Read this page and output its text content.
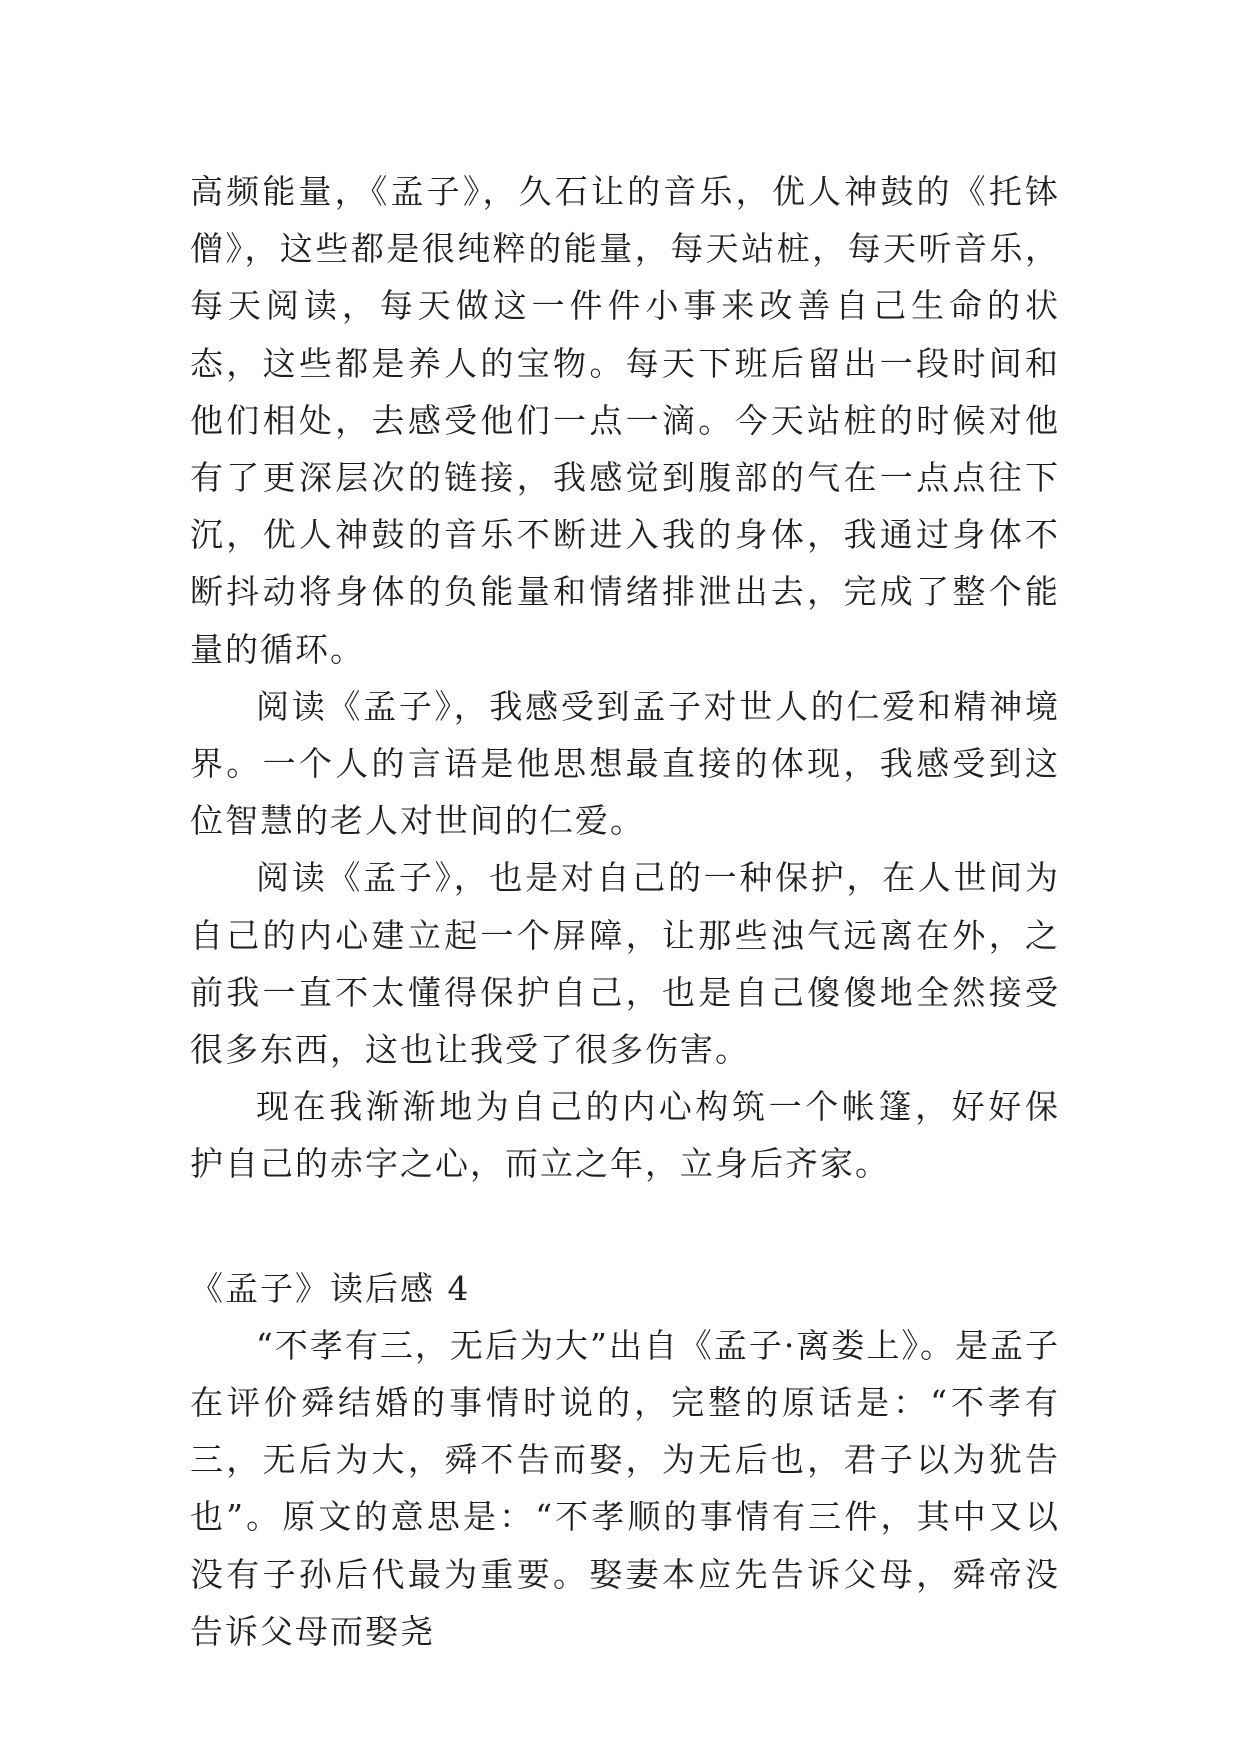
高频能量，《孟子》，久石让的音乐，优人神鼓的《托钵僧》，这些都是很纯粹的能量，每天站桩，每天听音乐，每天阅读，每天做这一件件小事来改善自己生命的状态，这些都是养人的宝物。每天下班后留出一段时间和他们相处，去感受他们一点一滴。今天站桩的时候对他有了更深层次的链接，我感觉到腹部的气在一点点往下沉，优人神鼓的音乐不断进入我的身体，我通过身体不断抖动将身体的负能量和情绪排泄出去，完成了整个能量的循环。

阅读《孟子》，我感受到孟子对世人的仁爱和精神境界。一个人的言语是他思想最直接的体现，我感受到这位智慧的老人对世间的仁爱。

阅读《孟子》，也是对自己的一种保护，在人世间为自己的内心建立起一个屏障，让那些浊气远离在外，之前我一直不太懂得保护自己，也是自己傻傻地全然接受很多东西，这也让我受了很多伤害。

现在我渐渐地为自己的内心构筑一个帐篷，好好保护自己的赤字之心，而立之年，立身后齐家。

《孟子》读后感 4

“不孝有三，无后为大”出自《孟子·离娄上》。是孟子在评价舜结婚的事情时说的，完整的原话是：“不孝有三，无后为大，舜不告而娶，为无后也，君子以为犹告也”。原文的意思是：“不孝顺的事情有三件，其中又以没有子孙后代最为重要。娶妻本应先告诉父母，舜帝没告诉父母而娶尧
